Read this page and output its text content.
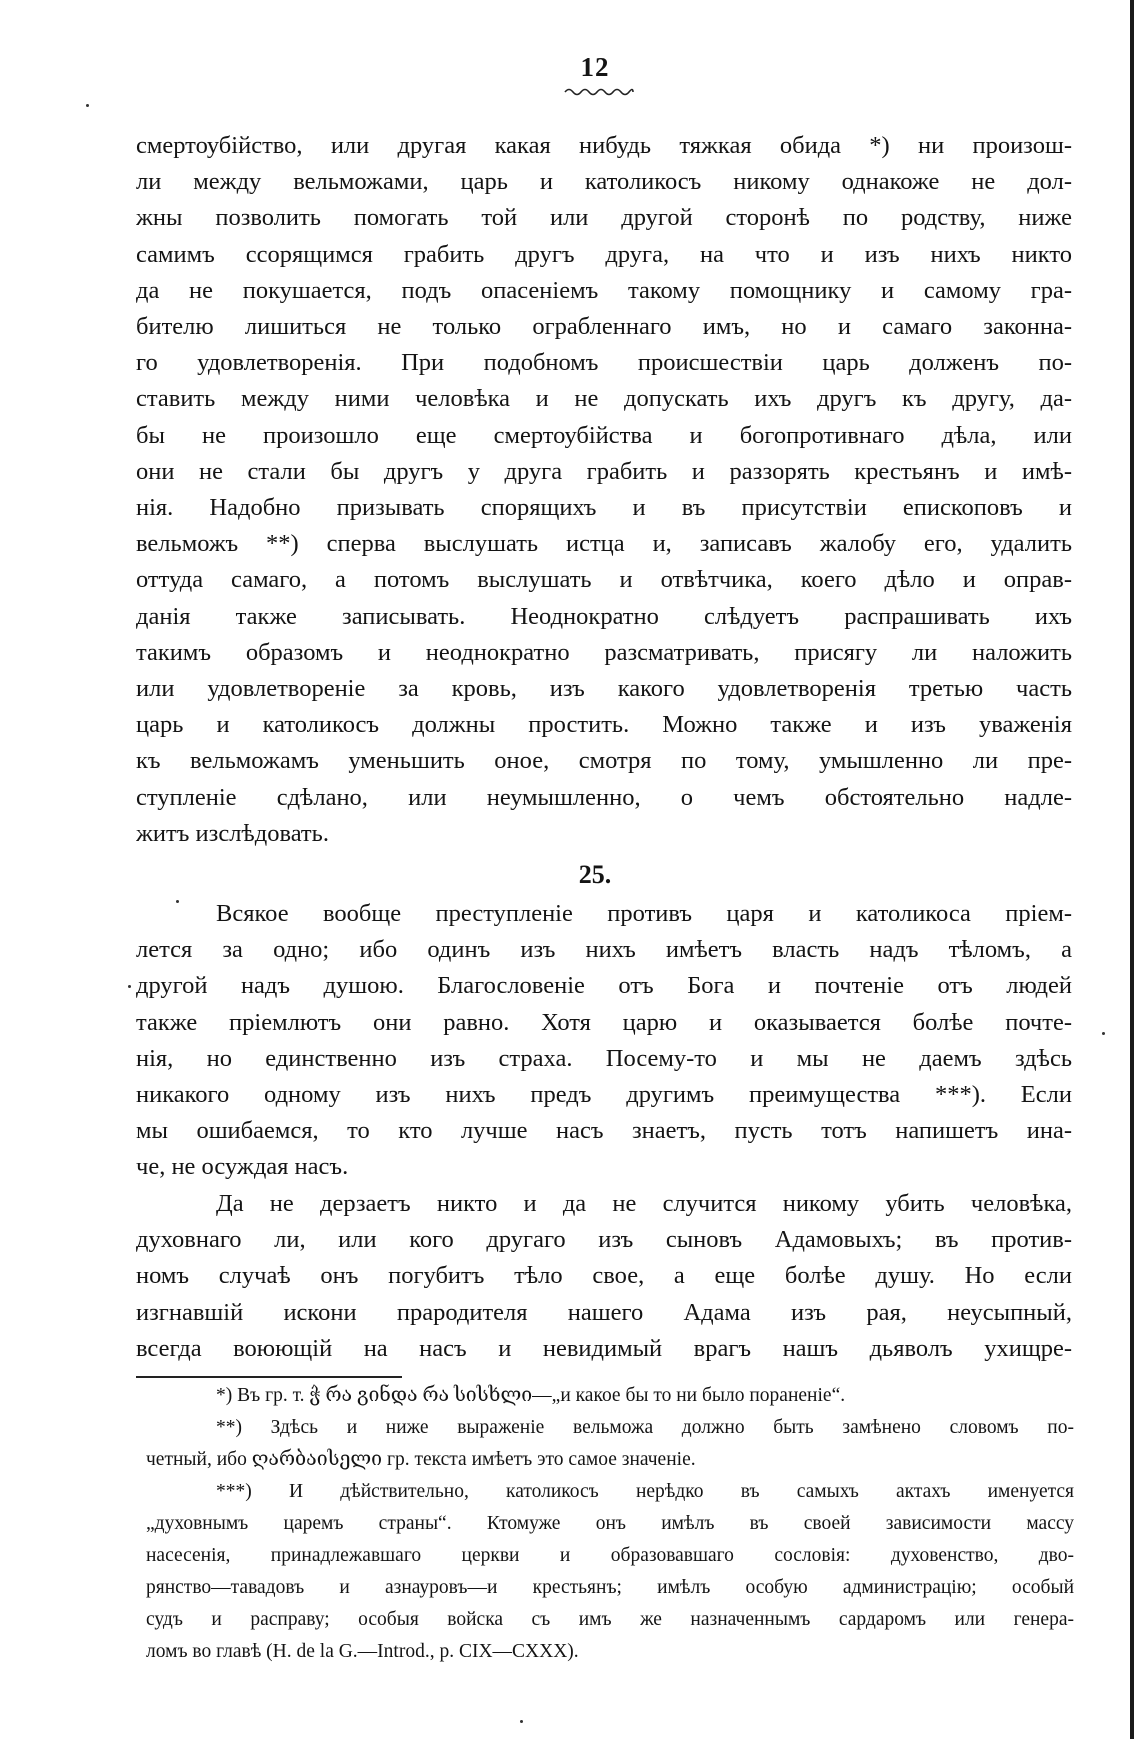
12
смертоубійство, или другая какая нибудь тяжкая обида *) ни произош-
ли между вельможами, царь и католикосъ никому однакоже не дол-
жны позволить помогать той или другой сторонѣ по родству, ниже
самимъ ссорящимся грабить другъ друга, на что и изъ нихъ никто
да не покушается, подъ опасеніемъ такому помощнику и самому гра-
бителю лишиться не только ограбленнаго имъ, но и самаго законна-
го удовлетворенія. При подобномъ происшествіи царь долженъ по-
ставить между ними человѣка и не допускать ихъ другъ къ другу, да-
бы не произошло еще смертоубійства и богопротивнаго дѣла, или
они не стали бы другъ у друга грабить и раззорять крестьянъ и имѣ-
нія. Надобно призывать спорящихъ и въ присутствіи епископовъ и
вельможъ **) сперва выслушать истца и, записавъ жалобу его, удалить
оттуда самаго, а потомъ выслушать и отвѣтчика, коего дѣло и оправ-
данія также записывать. Неоднократно слѣдуетъ распрашивать ихъ
такимъ образомъ и неоднократно разсматривать, присягу ли наложить
или удовлетвореніе за кровь, изъ какого удовлетворенія третью часть
царь и католикосъ должны простить. Можно также и изъ уваженія
къ вельможамъ уменьшить оное, смотря по тому, умышленно ли пре-
ступленіе сдѣлано, или неумышленно, о чемъ обстоятельно надле-
житъ изслѣдовать.
25.
Всякое вообще преступленіе противъ царя и католикоса пріем-
лется за одно; ибо одинъ изъ нихъ имѣетъ власть надъ тѣломъ, а
другой надъ душою. Благословеніе отъ Бога и почтеніе отъ людей
также пріемлютъ они равно. Хотя царю и оказывается болѣе почте-
нія, но единственно изъ страха. Посему-то и мы не даемъ здѣсь
никакого одному изъ нихъ предъ другимъ преимущества ***). Если
мы ошибаемся, то кто лучше насъ знаетъ, пусть тотъ напишетъ ина-
че, не осуждая насъ.
Да не дерзаетъ никто и да не случится никому убить человѣка,
духовнаго ли, или кого другаго изъ сыновъ Адамовыхъ; въ против-
номъ случаѣ онъ погубитъ тѣло свое, а еще болѣе душу. Но если
изгнавшій искони прародителя нашего Адама изъ рая, неусыпный,
всегда воюющій на насъ и невидимый врагъ нашъ дьяволъ ухищре-
*) Въ гр. т. ჭ რა გინდა რა სისხლი—„и какое бы то ни было пораненіе“.
**) Здѣсь и ниже выраженіе вельможа должно быть замѣнено словомъ по-
четный, ибо ღარბაისელი гр. текста имѣетъ это самое значеніе.
***) И дѣйствительно, католикосъ нерѣдко въ самыхъ актахъ именуется
„духовнымъ царемъ страны“. Ктомуже онъ имѣлъ въ своей зависимости массу
насесенія, принадлежавшаго церкви и образовавшаго сословія: духовенство, дво-
рянство—тавадовъ и азнауровъ—и крестьянъ; имѣлъ особую администрацію; особый
судъ и расправу; особыя войска съ имъ же назначеннымъ сардаромъ или генера-
ломъ во главѣ (H. de la G.—Introd., p. CIX—CXXX).
